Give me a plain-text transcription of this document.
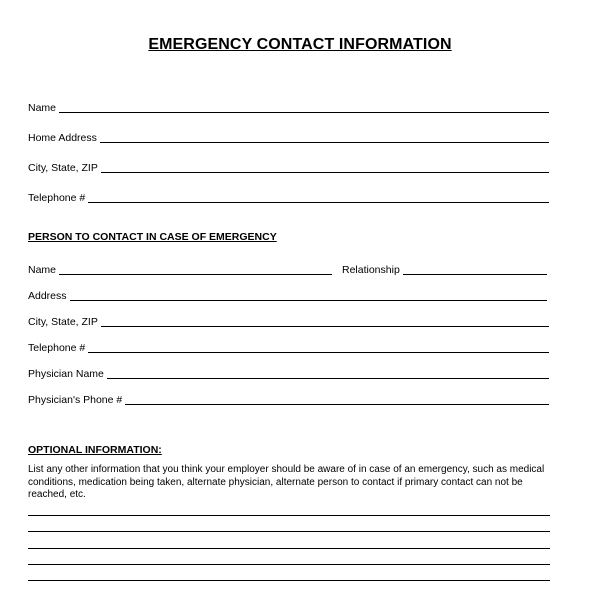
EMERGENCY CONTACT INFORMATION
Name
Home Address
City, State, ZIP
Telephone #
PERSON TO CONTACT IN CASE OF EMERGENCY
Name	Relationship
Address
City, State, ZIP
Telephone #
Physician Name
Physician's Phone #
OPTIONAL INFORMATION:
List any other information that you think your employer should be aware of in case of an emergency, such as medical conditions, medication being taken, alternate physician, alternate person to contact if primary contact can not be reached, etc.
